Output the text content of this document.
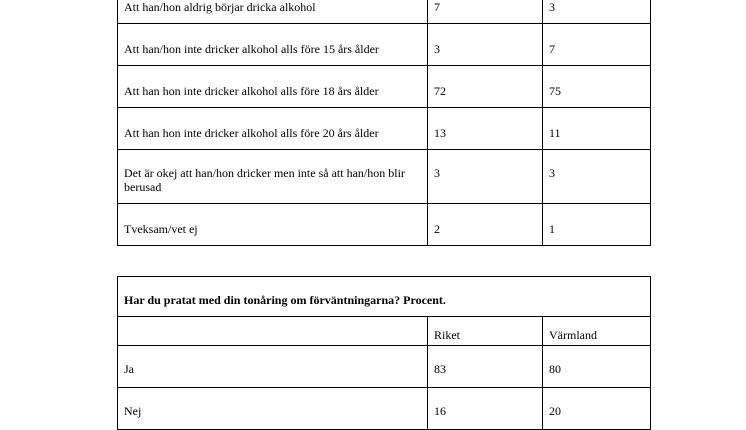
Att han/hon aldrig börjar dricka alkohol	7	3
Att han/hon inte dricker alkohol alls före 15 års ålder	3	7
Att han hon inte dricker alkohol alls före 18 års ålder	72	75
Att han hon inte dricker alkohol alls före 20 års ålder	13	11
Det är okej att han/hon dricker men inte så att han/hon blir berusad	3	3
Tveksam/vet ej	2	1
Har du pratat med din tonåring om förväntningarna? Procent.		
	Riket	Värmland
Ja	83	80
Nej	16	20
